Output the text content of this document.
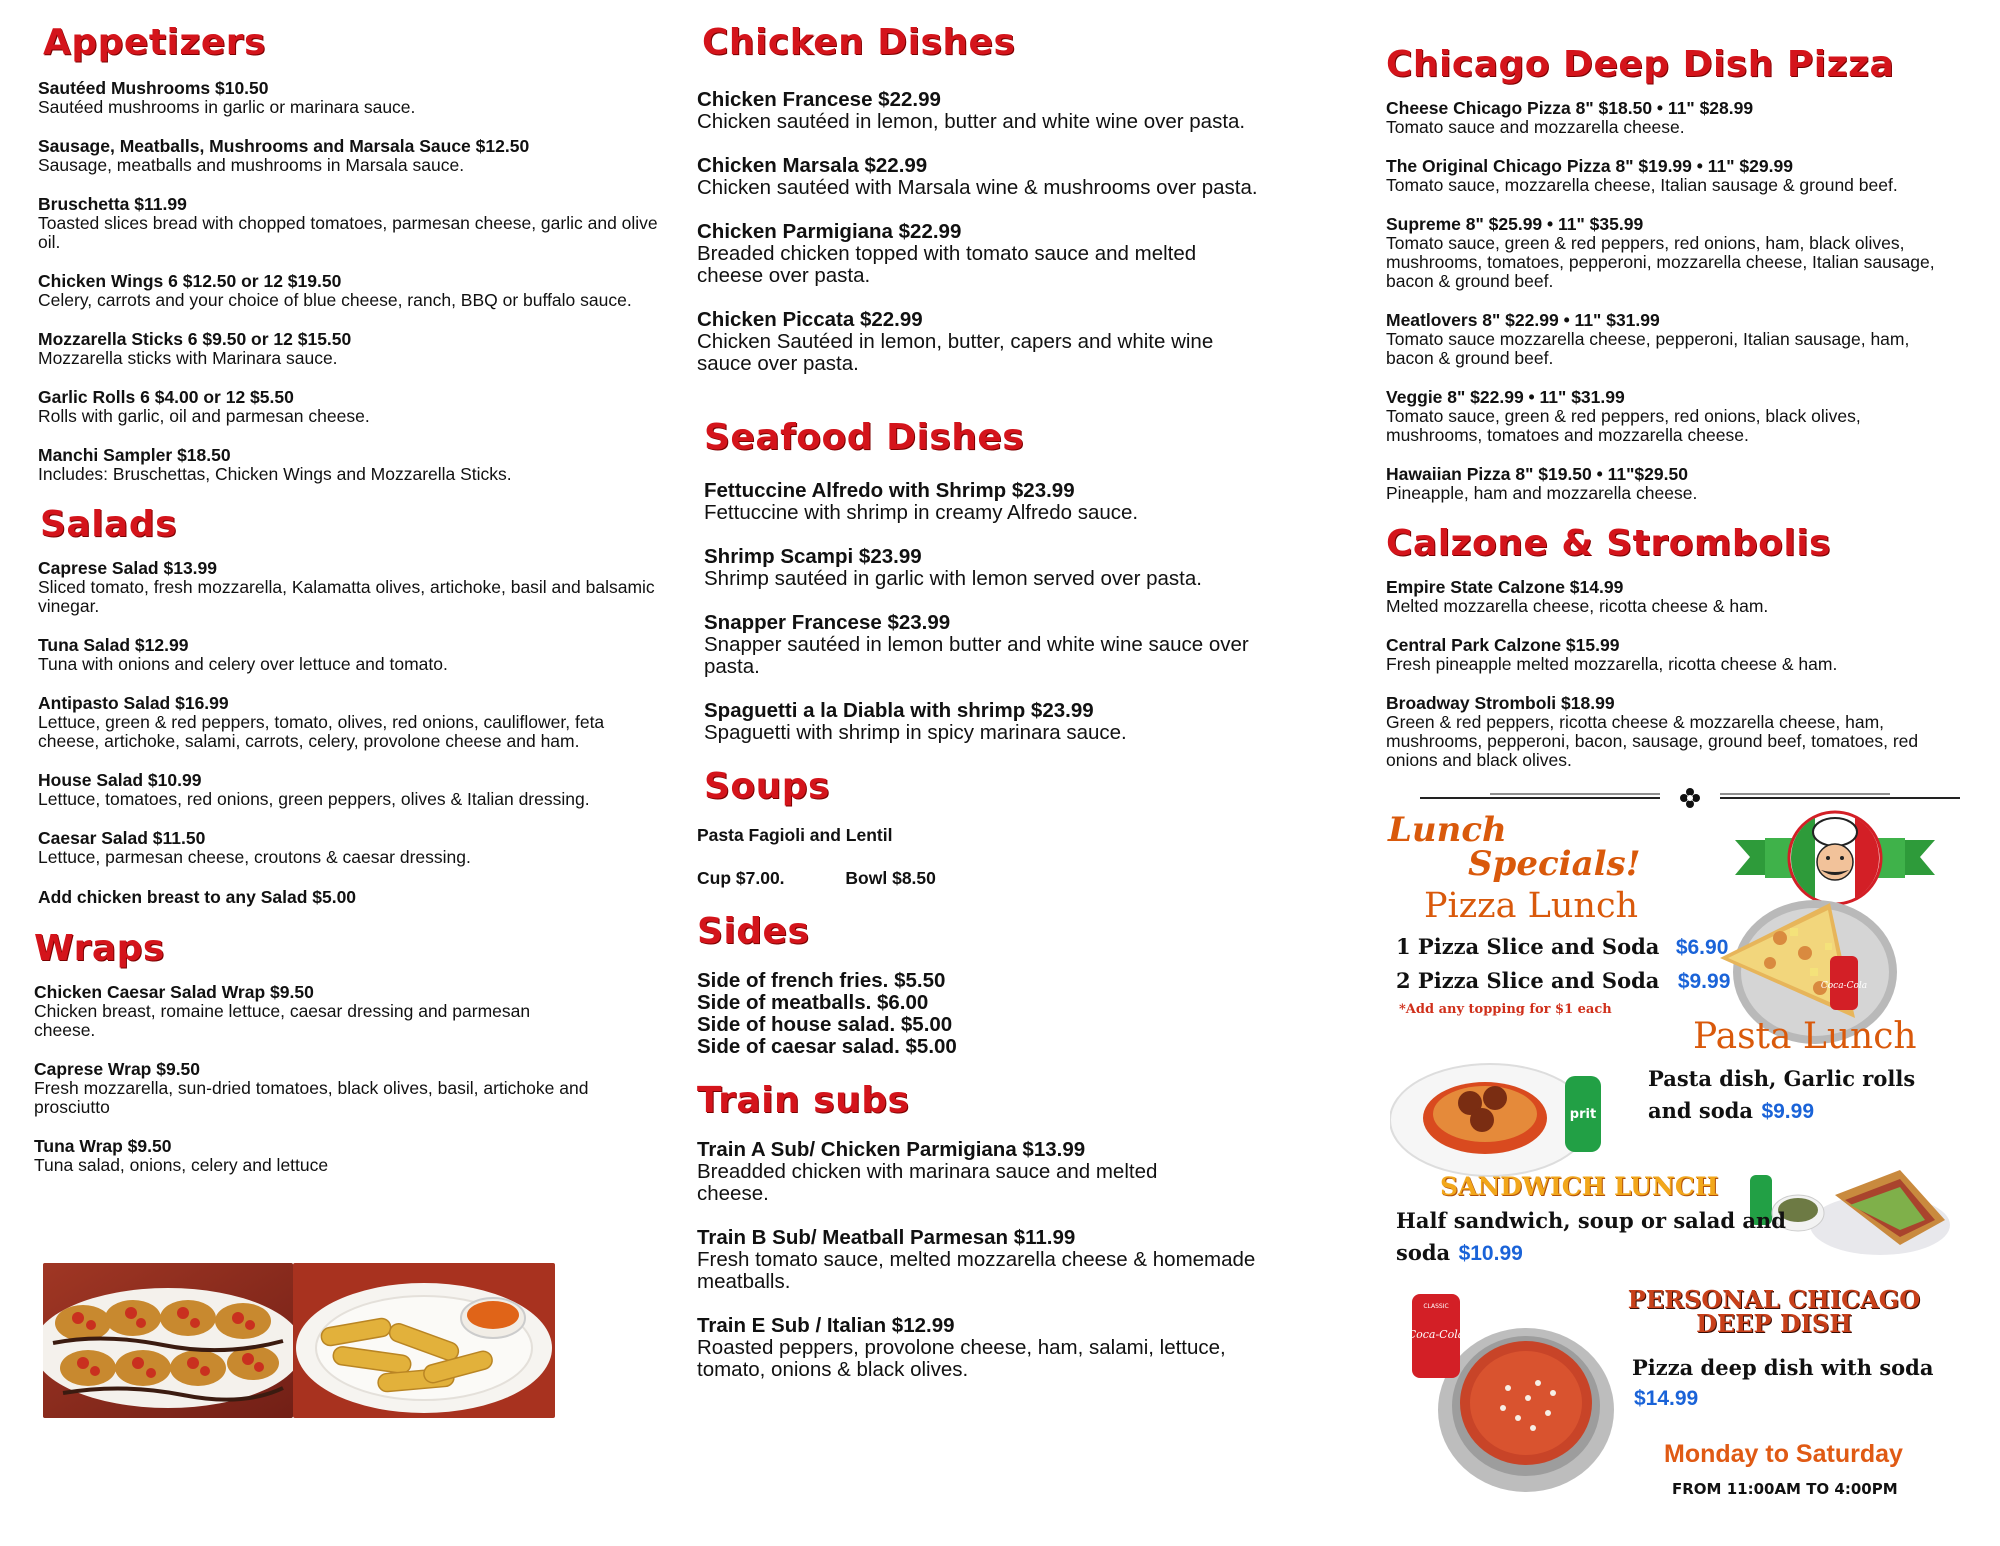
Appetizers
Sautéed Mushrooms $10.50
Sautéed mushrooms in garlic or marinara sauce.
Sausage, Meatballs, Mushrooms and Marsala Sauce $12.50
Sausage, meatballs and mushrooms in Marsala sauce.
Bruschetta $11.99
Toasted slices bread with chopped tomatoes, parmesan cheese, garlic and olive oil.
Chicken Wings 6 $12.50 or 12 $19.50
Celery, carrots and your choice of blue cheese, ranch, BBQ or buffalo sauce.
Mozzarella Sticks 6 $9.50 or 12 $15.50
Mozzarella sticks with Marinara sauce.
Garlic Rolls 6 $4.00 or 12 $5.50
Rolls with garlic, oil and parmesan cheese.
Manchi Sampler $18.50
Includes: Bruschettas, Chicken Wings and Mozzarella Sticks.
Salads
Caprese Salad $13.99
Sliced tomato, fresh mozzarella, Kalamatta olives, artichoke, basil and balsamic vinegar.
Tuna Salad $12.99
Tuna with onions and celery over lettuce and tomato.
Antipasto Salad $16.99
Lettuce, green & red peppers, tomato, olives, red onions, cauliflower, feta cheese, artichoke, salami, carrots, celery, provolone cheese and ham.
House Salad $10.99
Lettuce, tomatoes, red onions, green peppers, olives & Italian dressing.
Caesar Salad $11.50
Lettuce, parmesan cheese, croutons & caesar dressing.
Add chicken breast to any Salad $5.00
Wraps
Chicken Caesar Salad Wrap $9.50
Chicken breast, romaine lettuce, caesar dressing and parmesan cheese.
Caprese Wrap $9.50
Fresh mozzarella, sun-dried tomatoes, black olives, basil, artichoke and prosciutto
Tuna Wrap $9.50
Tuna salad, onions, celery and lettuce
Chicken Dishes
Chicken Francese $22.99
Chicken sautéed in lemon, butter and white wine over pasta.
Chicken Marsala $22.99
Chicken sautéed with Marsala wine & mushrooms over pasta.
Chicken Parmigiana $22.99
Breaded chicken topped with tomato sauce and melted cheese over pasta.
Chicken Piccata $22.99
Chicken Sautéed in lemon, butter, capers and white wine sauce over pasta.
Seafood Dishes
Fettuccine Alfredo with Shrimp $23.99
Fettuccine with shrimp in creamy Alfredo sauce.
Shrimp Scampi $23.99
Shrimp sautéed in garlic with lemon served over pasta.
Snapper Francese $23.99
Snapper sautéed in lemon butter and white wine sauce over pasta.
Spaguetti a la Diabla with shrimp $23.99
Spaguetti with shrimp in spicy marinara sauce.
Soups
Pasta Fagioli and Lentil
Cup $7.00.	Bowl $8.50
Sides
Side of french fries. $5.50
Side of meatballs. $6.00
Side of house salad. $5.00
Side of caesar salad. $5.00
Train subs
Train A Sub/ Chicken Parmigiana $13.99
Breadded chicken with marinara sauce and melted cheese.
Train B Sub/ Meatball Parmesan $11.99
Fresh tomato sauce, melted mozzarella cheese & homemade meatballs.
Train E Sub / Italian $12.99
Roasted peppers, provolone cheese, ham, salami, lettuce, tomato, onions & black olives.
Chicago Deep Dish Pizza
Cheese Chicago Pizza 8" $18.50 • 11" $28.99
Tomato sauce and mozzarella cheese.
The Original Chicago Pizza 8" $19.99 • 11" $29.99
Tomato sauce, mozzarella cheese, Italian sausage & ground beef.
Supreme 8" $25.99 • 11" $35.99
Tomato sauce, green & red peppers, red onions, ham, black olives, mushrooms, tomatoes, pepperoni, mozzarella cheese, Italian sausage, bacon & ground beef.
Meatlovers 8" $22.99 • 11" $31.99
Tomato sauce mozzarella cheese, pepperoni, Italian sausage, ham, bacon & ground beef.
Veggie 8" $22.99 • 11" $31.99
Tomato sauce, green & red peppers, red onions, black olives, mushrooms, tomatoes and mozzarella cheese.
Hawaiian Pizza 8" $19.50 • 11"$29.50
Pineapple, ham and mozzarella cheese.
Calzone & Strombolis
Empire State Calzone $14.99
Melted mozzarella cheese, ricotta cheese & ham.
Central Park Calzone $15.99
Fresh pineapple melted mozzarella, ricotta cheese & ham.
Broadway Stromboli $18.99
Green & red peppers, ricotta cheese & mozzarella cheese, ham, mushrooms, pepperoni, bacon, sausage, ground beef, tomatoes, red onions and black olives.
Lunch
Specials!
Pizza Lunch
1 Pizza Slice and Soda $6.90
2 Pizza Slice and Soda $9.99
*Add any topping for $1 each
Coca-Cola
prit
Pasta Lunch
Pasta dish, Garlic rolls
and soda $9.99
SANDWICH LUNCH
Half sandwich, soup or salad and
soda $10.99
Coca-Cola
CLASSIC	PERSONAL CHICAGO
DEEP DISH
Pizza deep dish with soda
$14.99
Monday to Saturday
FROM 11:00AM TO 4:00PM
